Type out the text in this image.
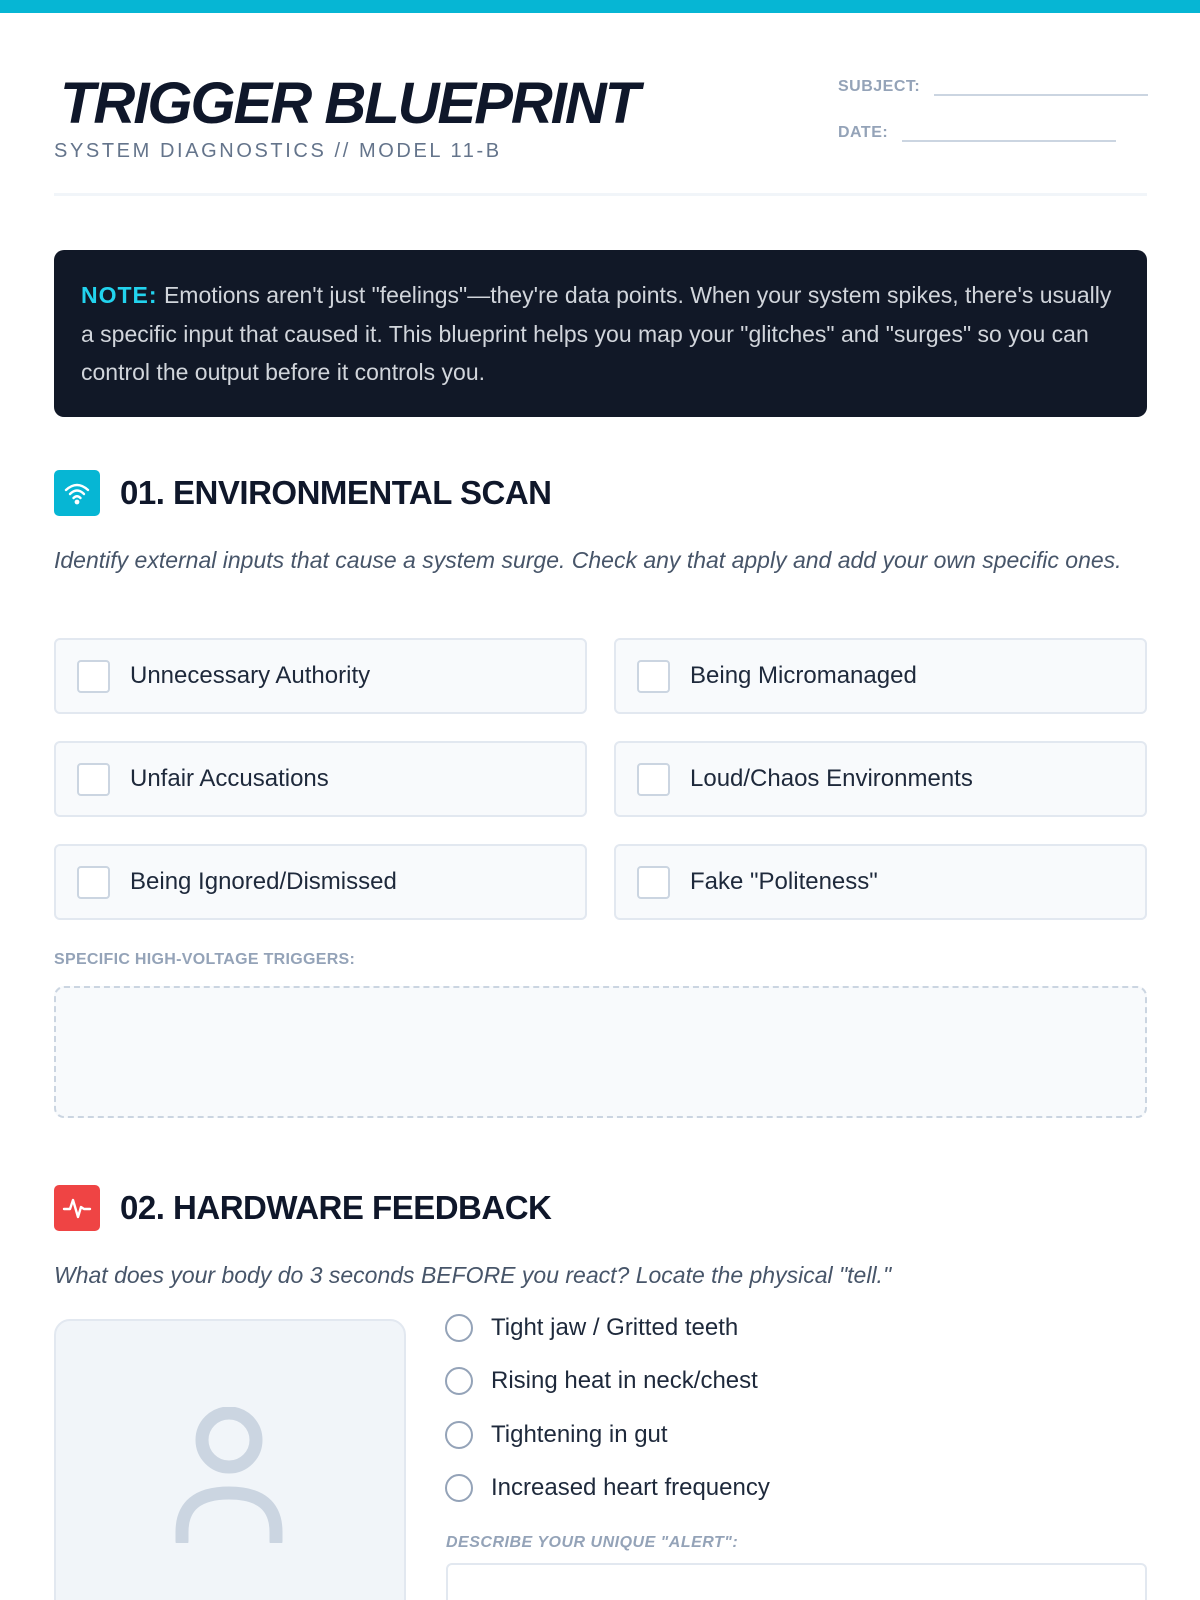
TRIGGER BLUEPRINT
SYSTEM DIAGNOSTICS // MODEL 11-B
SUBJECT:
DATE:
NOTE: Emotions aren't just "feelings"—they're data points. When your system spikes, there's usually a specific input that caused it. This blueprint helps you map your "glitches" and "surges" so you can control the output before it controls you.
01. ENVIRONMENTAL SCAN
Identify external inputs that cause a system surge. Check any that apply and add your own specific ones.
Unnecessary Authority	Being Micromanaged
Unfair Accusations	Loud/Chaos Environments
Being Ignored/Dismissed	Fake "Politeness"
SPECIFIC HIGH-VOLTAGE TRIGGERS:
02. HARDWARE FEEDBACK
What does your body do 3 seconds BEFORE you react? Locate the physical "tell."
Tight jaw / Gritted teeth
Rising heat in neck/chest
Tightening in gut
Increased heart frequency
DESCRIBE YOUR UNIQUE "ALERT":
